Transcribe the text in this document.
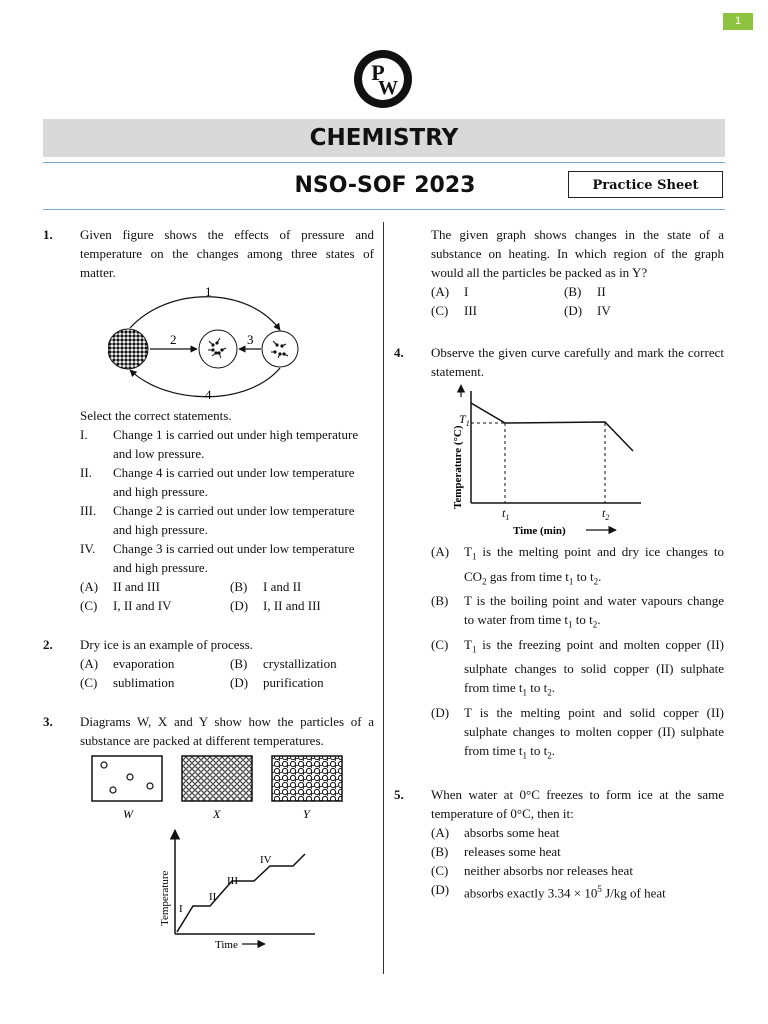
1
P
W
CHEMISTRY
NSO-SOF 2023	Practice Sheet
1. Given figure shows the effects of pressure and temperature on the changes among three states of matter.

1
2	3
4
Select the correct statements.
I.	Change 1 is carried out under high temperature and low pressure.
II.	Change 4 is carried out under low temperature and high pressure.
III.	Change 2 is carried out under low temperature and high pressure.
IV.	Change 3 is carried out under low temperature and high pressure.
(A)	II and III	(B)	I and II
(C)	I, II and IV	(D)	I, II and III
2. Dry ice is an example of process.

(A)	evaporation	(B)	crystallization
(C)	sublimation	(D)	purification
3. Diagrams W, X and Y show how the particles of a substance are packed at different temperatures.

W	X	Y
I
II
III
IV
Temperature
Time

The given graph shows changes in the state of a substance on heating. In which region of the graph would all the particles be packed as in Y?

(A)	I	(B)	II
(C)	III	(D)	IV
4. Observe the given curve carefully and mark the correct statement.

$T_1$
$t_1$	$t_2$
Temperature (°C)
Time (min)
(A)	$T_1$ is the melting point and dry ice changes to $CO_2$ gas from time $t_1$ to $t_2$.
(B)	T is the boiling point and water vapours change to water from time $t_1$ to $t_2$.
(C)	$T_1$ is the freezing point and molten copper (II) sulphate changes to solid copper (II) sulphate from time $t_1$ to $t_2$.
(D)	T is the melting point and solid copper (II) sulphate changes to molten copper (II) sulphate from time $t_1$ to $t_2$.
5. When water at 0°C freezes to form ice at the same temperature of 0°C, then it:

(A)	absorbs some heat
(B)	releases some heat
(C)	neither absorbs nor releases heat
(D)	absorbs exactly $3.34 \times 10^5$ J/kg of heat
